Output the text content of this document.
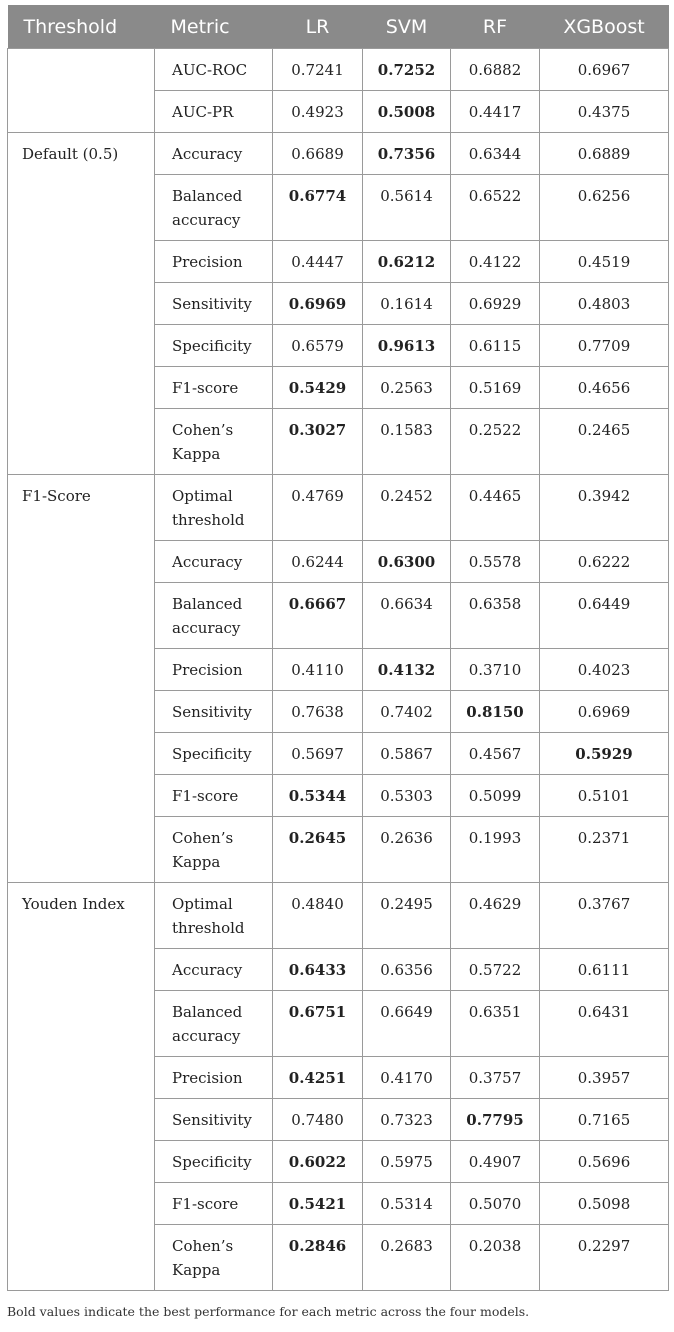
Threshold	Metric	LR	SVM	RF	XGBoost
	AUC-ROC	0.7241	0.7252	0.6882	0.6967
	AUC-PR	0.4923	0.5008	0.4417	0.4375
Default (0.5)	Accuracy	0.6689	0.7356	0.6344	0.6889
	Balanced accuracy	0.6774	0.5614	0.6522	0.6256
	Precision	0.4447	0.6212	0.4122	0.4519
	Sensitivity	0.6969	0.1614	0.6929	0.4803
	Specificity	0.6579	0.9613	0.6115	0.7709
	F1-score	0.5429	0.2563	0.5169	0.4656
	Cohen’s Kappa	0.3027	0.1583	0.2522	0.2465
F1-Score	Optimal threshold	0.4769	0.2452	0.4465	0.3942
	Accuracy	0.6244	0.6300	0.5578	0.6222
	Balanced accuracy	0.6667	0.6634	0.6358	0.6449
	Precision	0.4110	0.4132	0.3710	0.4023
	Sensitivity	0.7638	0.7402	0.8150	0.6969
	Specificity	0.5697	0.5867	0.4567	0.5929
	F1-score	0.5344	0.5303	0.5099	0.5101
	Cohen’s Kappa	0.2645	0.2636	0.1993	0.2371
Youden Index	Optimal threshold	0.4840	0.2495	0.4629	0.3767
	Accuracy	0.6433	0.6356	0.5722	0.6111
	Balanced accuracy	0.6751	0.6649	0.6351	0.6431
	Precision	0.4251	0.4170	0.3757	0.3957
	Sensitivity	0.7480	0.7323	0.7795	0.7165
	Specificity	0.6022	0.5975	0.4907	0.5696
	F1-score	0.5421	0.5314	0.5070	0.5098
	Cohen’s Kappa	0.2846	0.2683	0.2038	0.2297
Bold values indicate the best performance for each metric across the four models.
